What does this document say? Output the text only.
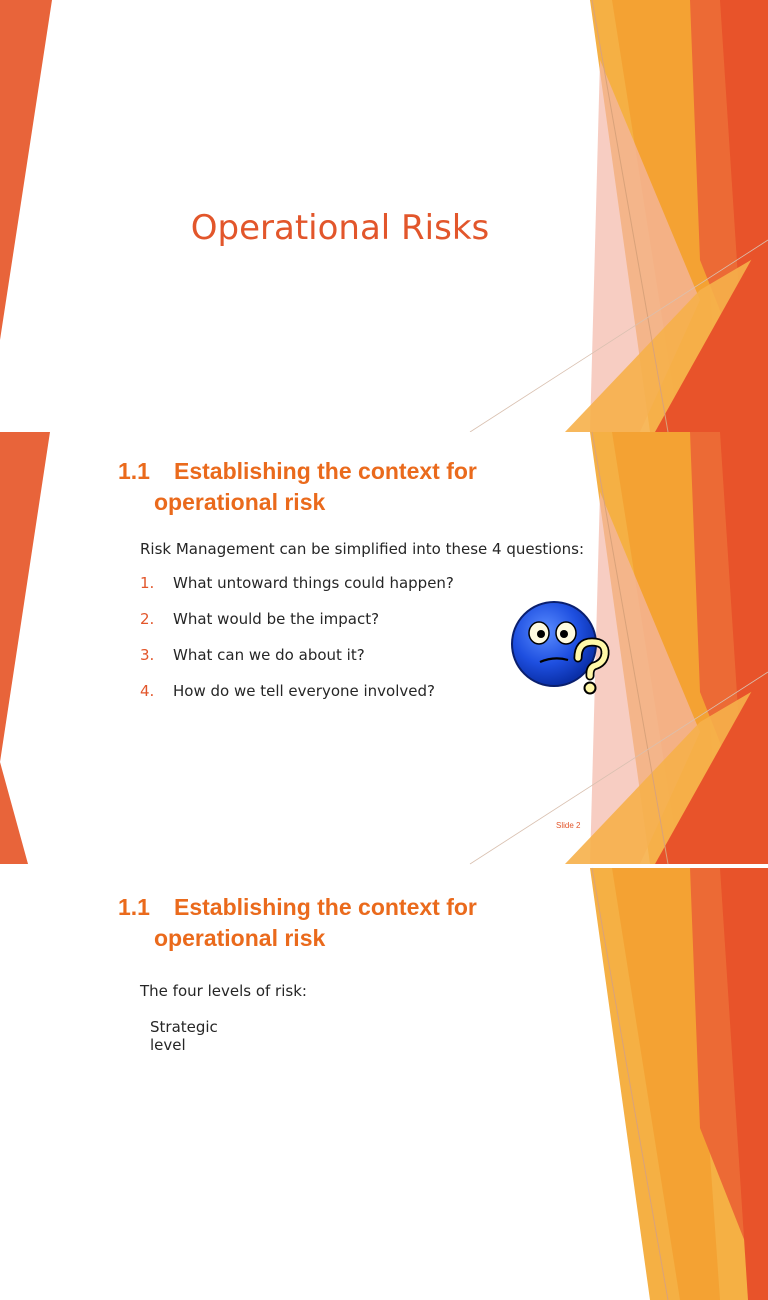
Operational Risks
1.1 Establishing the context for
operational risk

Risk Management can be simplified into these 4 questions:

1.	What untoward things could happen?
2.	What would be the impact?
3.	What can we do about it?
4.	How do we tell everyone involved?
Slide 2
1.1 Establishing the context for
operational risk

The four levels of risk:

Strategic level
